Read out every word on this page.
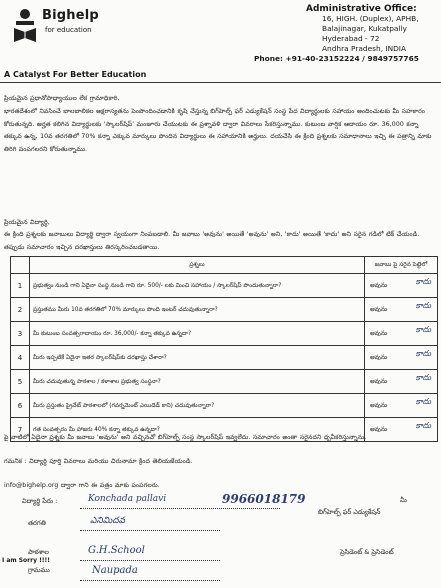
Bighelp
for education
A Catalyst For Better Education
Administrative Office:
16, HIGH. (Duplex), APHB,
Balajinagar, Kukatpally
Hyderabad - 72
Andhra Pradesh, INDIA
Phone: +91-40-23152224 / 9849757765
ప్రియమైన ప్రధానోపాధ్యాయుల లేక గ్రామాధికారి,
భారతదేశంలో నివసించే బాలబాలికల అక్షరాస్యతను పెంపొందించడానికి కృషి చేస్తున్న బిగ్‌హెల్ప్ ఫర్ ఎడ్యుకేషన్ సంస్థ పేద విద్యార్థులకు సహాయం అందించుటకు మీ సహకారం కోరుతున్నది. అర్హత కలిగిన విద్యార్థులకు 'స్కాలర్‌షిప్' మంజూరు చేయుటకు ఈ ప్రశ్నావళి ద్వారా వివరాలు సేకరిస్తున్నాము. కుటుంబ వార్షిక ఆదాయం రూ. 36,000 కన్నా తక్కువ ఉన్న, 10వ తరగతిలో 70% కన్నా ఎక్కువ మార్కులు పొందిన విద్యార్థులు ఈ సహాయానికి అర్హులు. దయచేసి ఈ క్రింది ప్రశ్నలకు సమాధానాలు ఇచ్చి ఈ పత్రాన్ని మాకు తిరిగి పంపగలరని కోరుతున్నాము.
ప్రియమైన విద్యార్థి,
ఈ క్రింది ప్రశ్నలకు జవాబులు విద్యార్థి ద్వారా స్వయంగా నింపబడాలి. మీ జవాబు 'అవును' అయితే 'అవును' అని, 'కాదు' అయితే 'కాదు' అని సరైన గడిలో టిక్ చేయండి. తప్పుడు సమాచారం ఇచ్చిన దరఖాస్తులు తిరస్కరించబడతాయి.
	ప్రశ్నలు	జవాబు పై సరైన పెట్టెలో
1	ప్రభుత్వం నుండి గాని ఏదైనా సంస్థ నుండి గాని రూ. 500/- లకు మించి సహాయం / స్కాలర్‌షిప్ పొందుతున్నారా?	అవును కాదు

2	ప్రస్తుతము మీరు 10వ తరగతిలో 70% మార్కులు పొంది ఇంటర్ చదువుతున్నారా?	అవును కాదు

3	మీ కుటుంబ సంవత్సరాదాయం రూ. 36,000/- కన్నా తక్కువ ఉన్నదా?	అవును కాదు

4	మీరు ఇప్పటికే ఏదైనా ఇతర స్కాలర్‌షిప్‌కు దరఖాస్తు చేశారా?	అవును కాదు

5	మీరు చదువుతున్న పాఠశాల / కళాశాల ప్రభుత్వ సంస్థనా?	అవును కాదు

6	మీరు ప్రస్తుతం ప్రైవేట్ పాఠశాలలో (గవర్నమెంట్ ఎయిడెడ్ కాని) చదువుతున్నారా?	అవును కాదు

7	గత సంవత్సరం మీ హాజరు 40% కన్నా తక్కువ ఉన్నదా?	అవును కాదు
పై వాటిలో ఏదైనా ప్రశ్నకు మీ జవాబు 'అవును' అని వచ్చినచో బిగ్‌హెల్ప్ సంస్థ స్కాలర్‌షిప్ ఇవ్వలేదు. సమాచారం అంతా సరైనదని ధృవీకరిస్తున్నాను.
గమనిక : విద్యార్థి పూర్తి వివరాలు మరియు చిరునామా క్రింద తెలియజేయండి.
info@bighelp.org ద్వారా గాని ఈ పత్రం మాకు పంపగలరు.
విద్యార్థి పేరు :	Konchada pallavi	9966018179	మీ
బిగ్‌హెల్ప్ ఫర్ ఎడ్యుకేషన్
తరగతి	ఎనిమిదవ
I am Sorry !!!!
పాఠశాల	G.H.School	ప్రెసిడెంట్ & ప్రెసిడెంట్
గ్రామము	Naupada
